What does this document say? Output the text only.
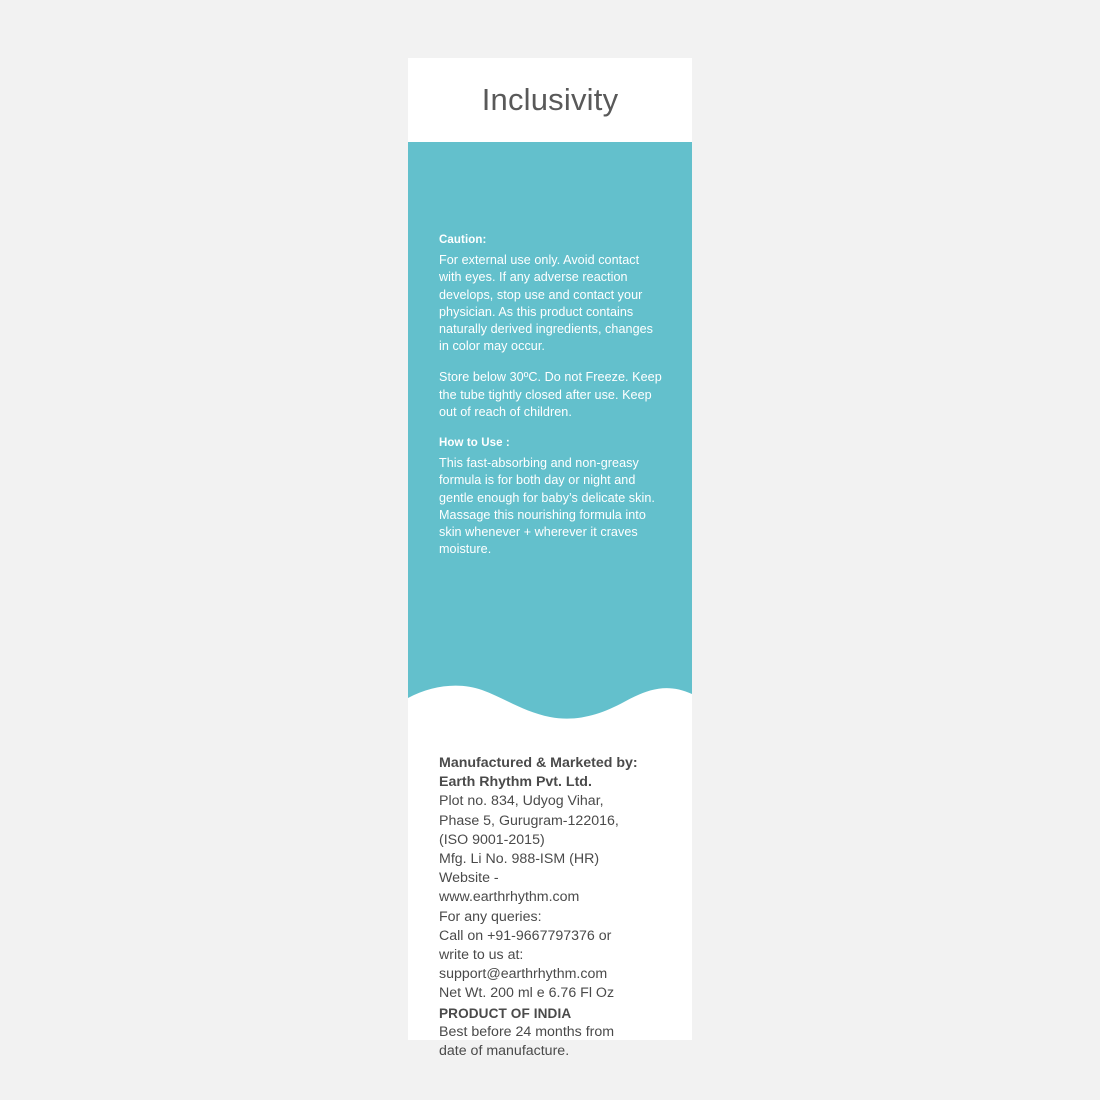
Inclusivity

Caution:

For external use only. Avoid contact with eyes. If any adverse reaction develops, stop use and contact your physician. As this product contains naturally derived ingredients, changes in color may occur.

Store below 30ºC. Do not Freeze. Keep the tube tightly closed after use. Keep out of reach of children.

How to Use :

This fast-absorbing and non-greasy formula is for both day or night and gentle enough for baby’s delicate skin. Massage this nourishing formula into skin whenever + wherever it craves moisture.

Manufactured & Marketed by: Earth Rhythm Pvt. Ltd.

Plot no. 834, Udyog Vihar,

Phase 5, Gurugram-122016,

(ISO 9001-2015)

Mfg. Li No. 988-ISM (HR)

Website -

www.earthrhythm.com

For any queries:

Call on +91-9667797376 or

write to us at:

support@earthrhythm.com

Net Wt. 200 ml e 6.76 Fl Oz

PRODUCT OF INDIA

Best before 24 months from

date of manufacture.
